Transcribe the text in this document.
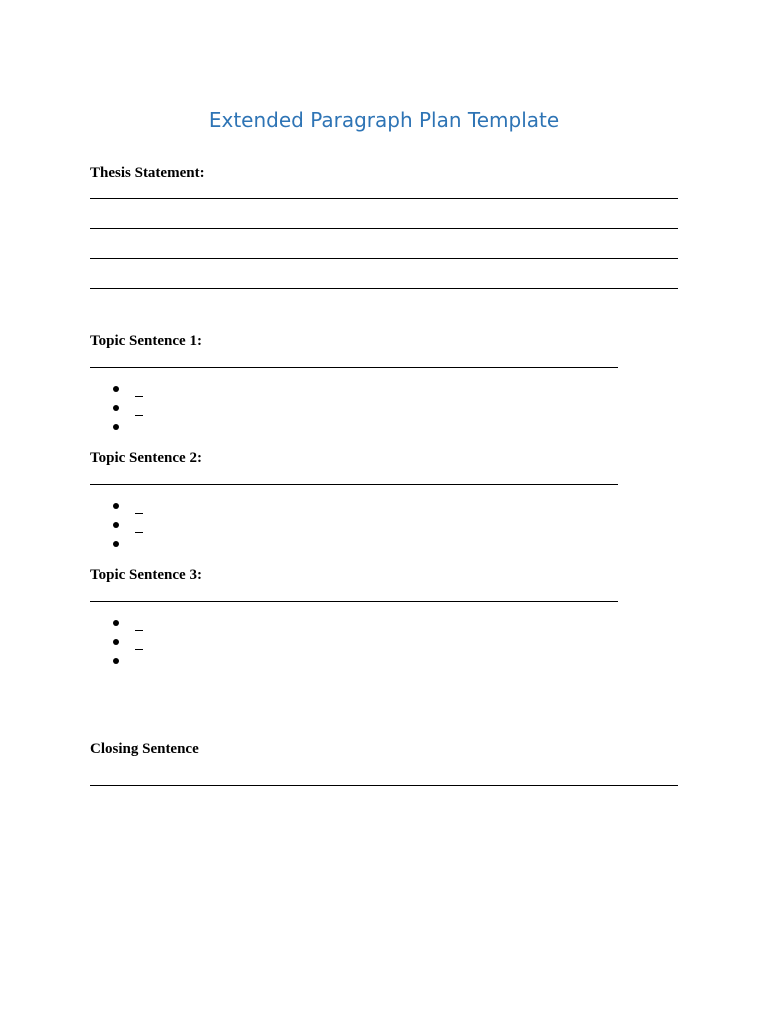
Extended Paragraph Plan Template
Thesis Statement:
Topic Sentence 1:
Topic Sentence 2:
Topic Sentence 3:
Closing Sentence
